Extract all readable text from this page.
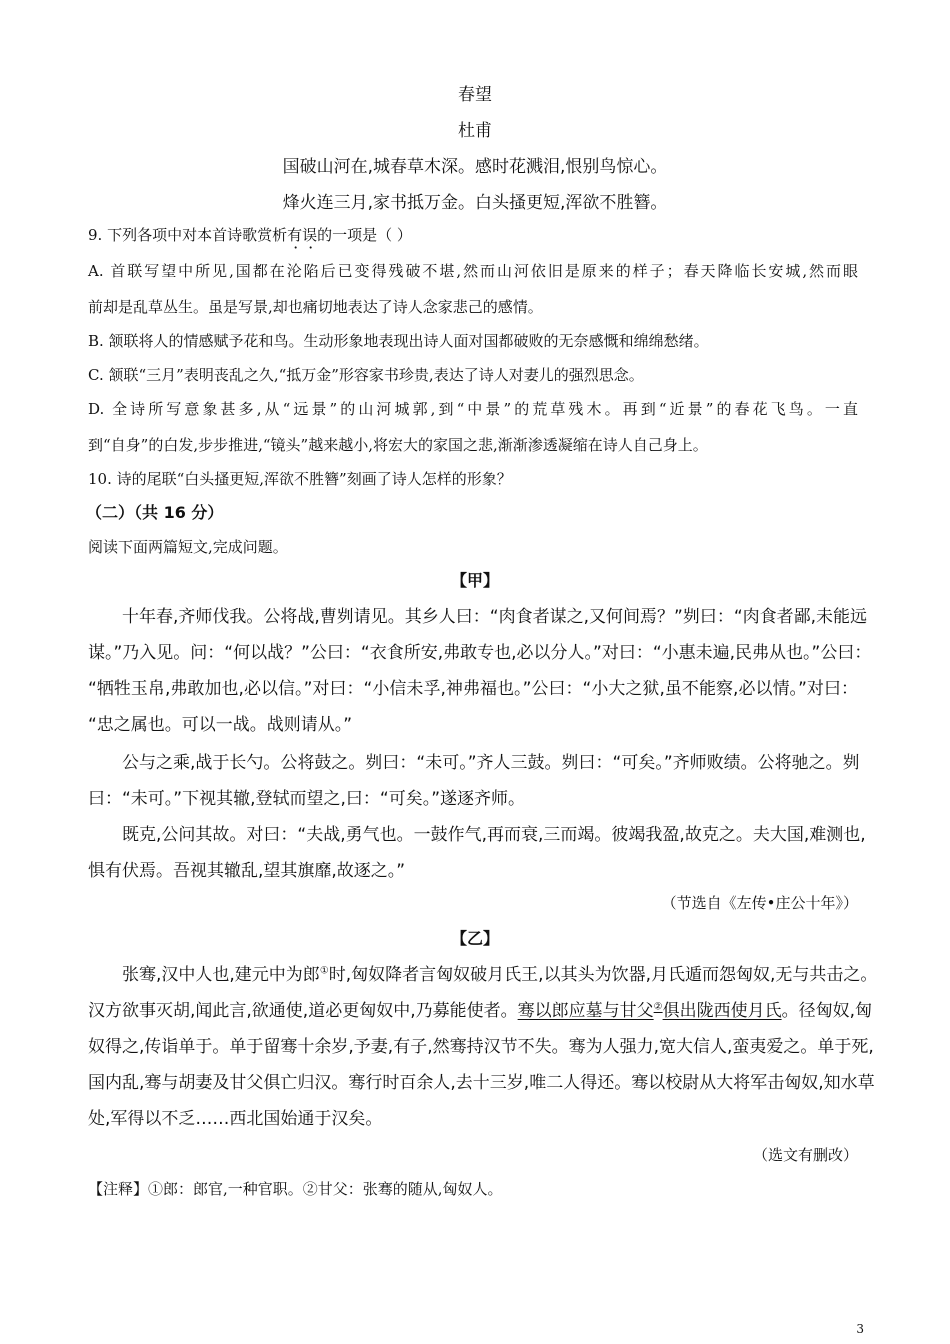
春望
杜甫
国破山河在,城春草木深。感时花溅泪,恨别鸟惊心。
烽火连三月,家书抵万金。白头搔更短,浑欲不胜簪。
9. 下列各项中对本首诗歌赏析有误的一项是（ ）
A. 首联写望中所见,国都在沦陷后已变得残破不堪,然而山河依旧是原来的样子；春天降临长安城,然而眼
前却是乱草丛生。虽是写景,却也痛切地表达了诗人念家悲己的感情。
B. 颔联将人的情感赋予花和鸟。生动形象地表现出诗人面对国都破败的无奈感慨和绵绵愁绪。
C. 颔联“三月”表明丧乱之久,“抵万金”形容家书珍贵,表达了诗人对妻儿的强烈思念。
D. 全诗所写意象甚多,从“远景”的山河城郭,到“中景”的荒草残木。再到“近景”的春花飞鸟。一直
到“自身”的白发,步步推进,“镜头”越来越小,将宏大的家国之悲,渐渐渗透凝缩在诗人自己身上。
10. 诗的尾联“白头搔更短,浑欲不胜簪”刻画了诗人怎样的形象？
（二）（共 16 分）
阅读下面两篇短文,完成问题。
【甲】
十年春,齐师伐我。公将战,曹刿请见。其乡人曰：“肉食者谋之,又何间焉？”刿曰：“肉食者鄙,未能远
谋。”乃入见。问：“何以战？”公曰：“衣食所安,弗敢专也,必以分人。”对曰：“小惠未遍,民弗从也。”公曰：
“牺牲玉帛,弗敢加也,必以信。”对曰：“小信未孚,神弗福也。”公曰：“小大之狱,虽不能察,必以情。”对曰：
“忠之属也。可以一战。战则请从。”
公与之乘,战于长勺。公将鼓之。刿曰：“未可。”齐人三鼓。刿曰：“可矣。”齐师败绩。公将驰之。刿
曰：“未可。”下视其辙,登轼而望之,曰：“可矣。”遂逐齐师。
既克,公问其故。对曰：“夫战,勇气也。一鼓作气,再而衰,三而竭。彼竭我盈,故克之。夫大国,难测也,
惧有伏焉。吾视其辙乱,望其旗靡,故逐之。”
（节选自《左传•庄公十年》）
【乙】
张骞,汉中人也,建元中为郎①时,匈奴降者言匈奴破月氏王,以其头为饮器,月氏遁而怨匈奴,无与共击之。
汉方欲事灭胡,闻此言,欲通使,道必更匈奴中,乃募能使者。骞以郎应墓与甘父②俱出陇西使月氏。径匈奴,匈
奴得之,传诣单于。单于留骞十余岁,予妻,有子,然骞持汉节不失。骞为人强力,宽大信人,蛮夷爱之。单于死,
国内乱,骞与胡妻及甘父俱亡归汉。骞行时百余人,去十三岁,唯二人得还。骞以校尉从大将军击匈奴,知水草
处,军得以不乏……西北国始通于汉矣。
（选文有删改）
【注释】①郎：郎官,一种官职。②甘父：张骞的随从,匈奴人。
3
